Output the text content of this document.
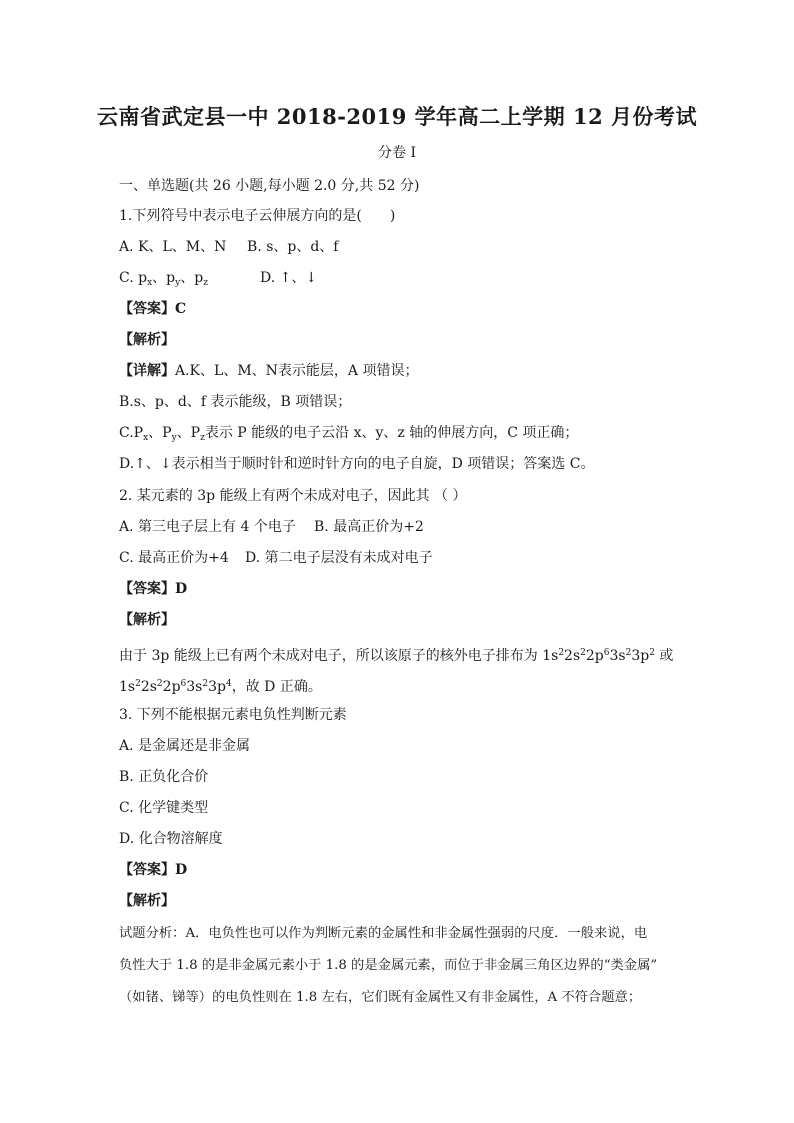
云南省武定县一中 2018-2019 学年高二上学期 12 月份考试
分卷 I
一、单选题(共 26 小题,每小题 2.0 分,共 52 分)
1.下列符号中表示电子云伸展方向的是(　　)
A. K、L、M、N B. s、p、d、f
C. $p_x$、$p_y$、$p_z$	D. ↑、↓
【答案】C
【解析】
【详解】A.K、L、M、N表示能层，A 项错误；
B.s、p、d、f 表示能级，B 项错误；
$C.P_x$、$P_y$、$P_z$表示 P 能级的电子云沿 x、y、z 轴的伸展方向，C 项正确；
D.↑、↓表示相当于顺时针和逆时针方向的电子自旋，D 项错误；答案选 C。
2. 某元素的 3p 能级上有两个未成对电子，因此其 （ ）
A. 第三电子层上有 4 个电子 B. 最高正价为+2
C. 最高正价为+4 D. 第二电子层没有未成对电子
【答案】D
【解析】
由于 3p 能级上已有两个未成对电子，所以该原子的核外电子排布为 $1s^22s^22p^63s^23p^2$ 或
$1s^22s^22p^63s^23p^4$，故 D 正确。
3. 下列不能根据元素电负性判断元素
A. 是金属还是非金属
B. 正负化合价
C. 化学键类型
D. 化合物溶解度
【答案】D
【解析】
试题分析：A．电负性也可以作为判断元素的金属性和非金属性强弱的尺度．一般来说，电
负性大于 1.8 的是非金属元素小于 1.8 的是金属元素，而位于非金属三角区边界的“类金属”
（如锗、锑等）的电负性则在 1.8 左右，它们既有金属性又有非金属性，A 不符合题意；
